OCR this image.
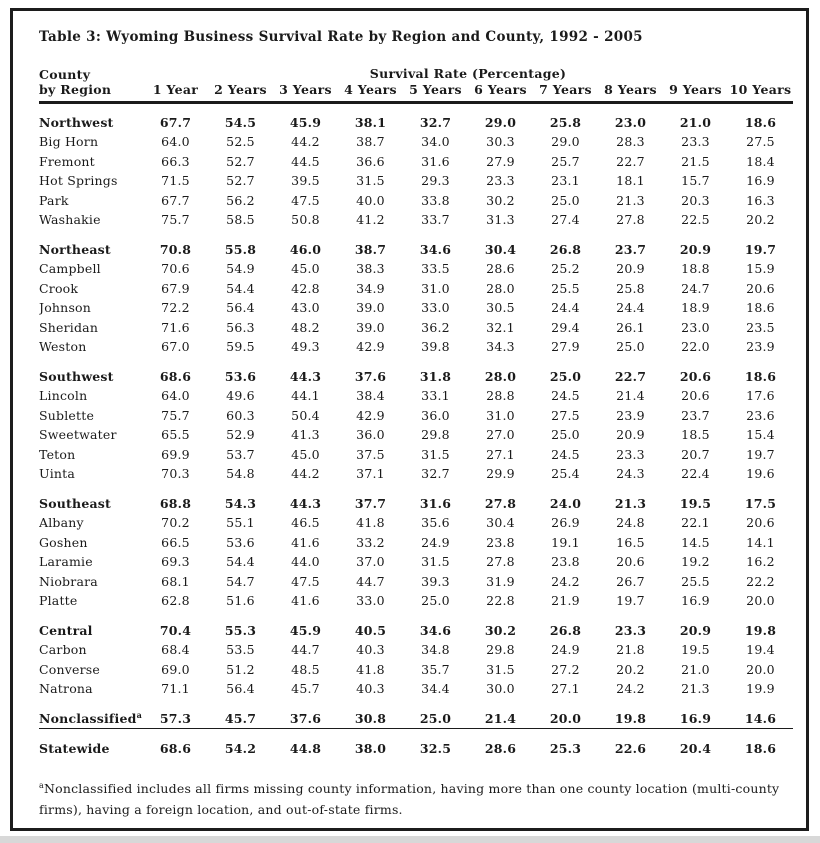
Table 3: Wyoming Business Survival Rate by Region and County, 1992 - 2005
County	Survival Rate (Percentage)									
by Region	1 Year	2 Years	3 Years	4 Years	5 Years	6 Years	7 Years	8 Years	9 Years	10 Years

Northwest	67.7	54.5	45.9	38.1	32.7	29.0	25.8	23.0	21.0	18.6
Big Horn	64.0	52.5	44.2	38.7	34.0	30.3	29.0	28.3	23.3	27.5
Fremont	66.3	52.7	44.5	36.6	31.6	27.9	25.7	22.7	21.5	18.4
Hot Springs	71.5	52.7	39.5	31.5	29.3	23.3	23.1	18.1	15.7	16.9
Park	67.7	56.2	47.5	40.0	33.8	30.2	25.0	21.3	20.3	16.3
Washakie	75.7	58.5	50.8	41.2	33.7	31.3	27.4	27.8	22.5	20.2

Northeast	70.8	55.8	46.0	38.7	34.6	30.4	26.8	23.7	20.9	19.7
Campbell	70.6	54.9	45.0	38.3	33.5	28.6	25.2	20.9	18.8	15.9
Crook	67.9	54.4	42.8	34.9	31.0	28.0	25.5	25.8	24.7	20.6
Johnson	72.2	56.4	43.0	39.0	33.0	30.5	24.4	24.4	18.9	18.6
Sheridan	71.6	56.3	48.2	39.0	36.2	32.1	29.4	26.1	23.0	23.5
Weston	67.0	59.5	49.3	42.9	39.8	34.3	27.9	25.0	22.0	23.9

Southwest	68.6	53.6	44.3	37.6	31.8	28.0	25.0	22.7	20.6	18.6
Lincoln	64.0	49.6	44.1	38.4	33.1	28.8	24.5	21.4	20.6	17.6
Sublette	75.7	60.3	50.4	42.9	36.0	31.0	27.5	23.9	23.7	23.6
Sweetwater	65.5	52.9	41.3	36.0	29.8	27.0	25.0	20.9	18.5	15.4
Teton	69.9	53.7	45.0	37.5	31.5	27.1	24.5	23.3	20.7	19.7
Uinta	70.3	54.8	44.2	37.1	32.7	29.9	25.4	24.3	22.4	19.6

Southeast	68.8	54.3	44.3	37.7	31.6	27.8	24.0	21.3	19.5	17.5
Albany	70.2	55.1	46.5	41.8	35.6	30.4	26.9	24.8	22.1	20.6
Goshen	66.5	53.6	41.6	33.2	24.9	23.8	19.1	16.5	14.5	14.1
Laramie	69.3	54.4	44.0	37.0	31.5	27.8	23.8	20.6	19.2	16.2
Niobrara	68.1	54.7	47.5	44.7	39.3	31.9	24.2	26.7	25.5	22.2
Platte	62.8	51.6	41.6	33.0	25.0	22.8	21.9	19.7	16.9	20.0

Central	70.4	55.3	45.9	40.5	34.6	30.2	26.8	23.3	20.9	19.8
Carbon	68.4	53.5	44.7	40.3	34.8	29.8	24.9	21.8	19.5	19.4
Converse	69.0	51.2	48.5	41.8	35.7	31.5	27.2	20.2	21.0	20.0
Natrona	71.1	56.4	45.7	40.3	34.4	30.0	27.1	24.2	21.3	19.9

Nonclassified$^a$	57.3	45.7	37.6	30.8	25.0	21.4	20.0	19.8	16.9	14.6

Statewide	68.6	54.2	44.8	38.0	32.5	28.6	25.3	22.6	20.4	18.6
$^a$Nonclassified includes all firms missing county information, having more than one county location (multi-county firms), having a foreign location, and out-of-state firms.
